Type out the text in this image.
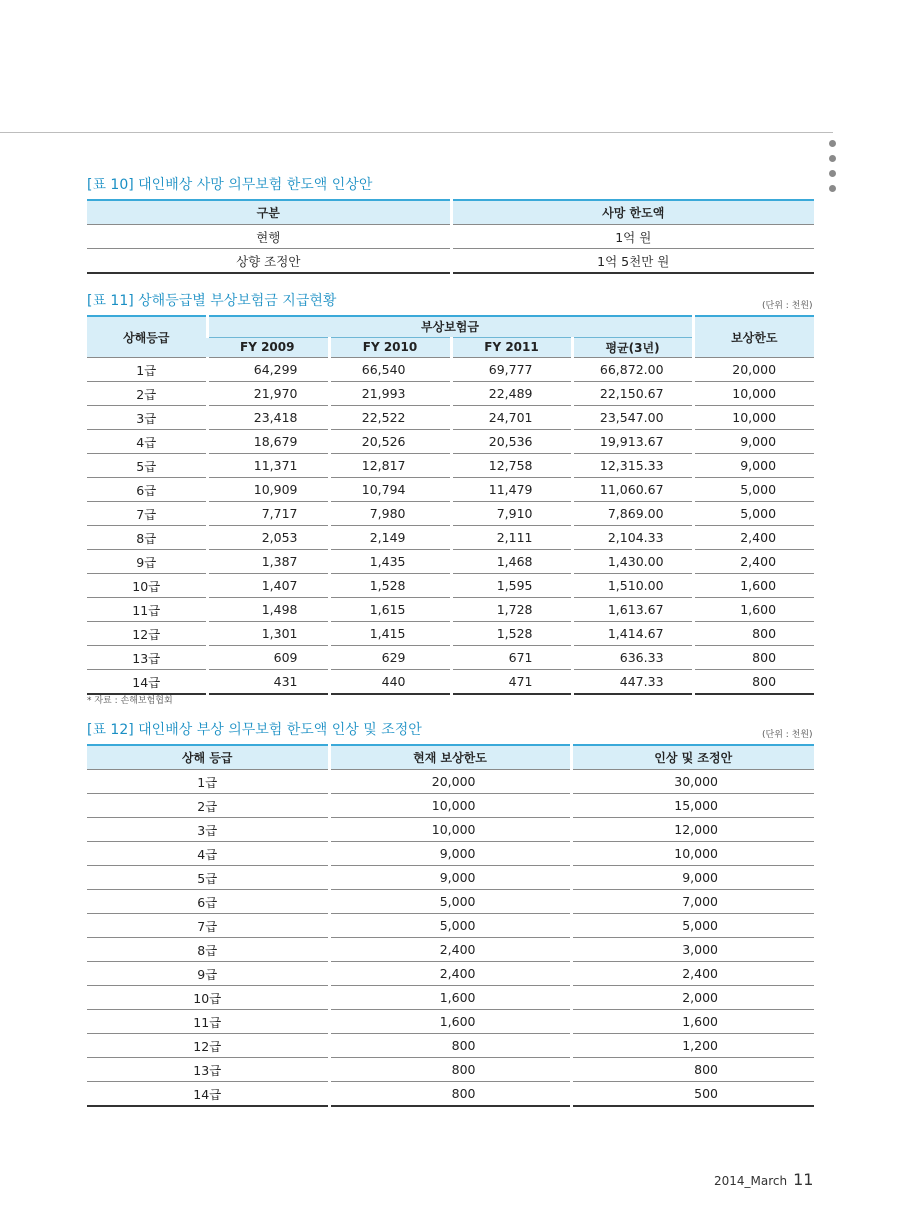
[표 10] 대인배상 사망 의무보험 한도액 인상안
구분	사망 한도액
현행	1억 원
상향 조정안	1억 5천만 원
[표 11] 상해등급별 부상보험금 지급현황	(단위 : 천원)
상해등급	부상보험금				보상한도
	FY 2009	FY 2010	FY 2011	평균(3년)	
1급	64,299	66,540	69,777	66,872.00	20,000
2급	21,970	21,993	22,489	22,150.67	10,000
3급	23,418	22,522	24,701	23,547.00	10,000
4급	18,679	20,526	20,536	19,913.67	9,000
5급	11,371	12,817	12,758	12,315.33	9,000
6급	10,909	10,794	11,479	11,060.67	5,000
7급	7,717	7,980	7,910	7,869.00	5,000
8급	2,053	2,149	2,111	2,104.33	2,400
9급	1,387	1,435	1,468	1,430.00	2,400
10급	1,407	1,528	1,595	1,510.00	1,600
11급	1,498	1,615	1,728	1,613.67	1,600
12급	1,301	1,415	1,528	1,414.67	800
13급	609	629	671	636.33	800
14급	431	440	471	447.33	800
* 자료 : 손해보험협회
[표 12] 대인배상 부상 의무보험 한도액 인상 및 조정안	(단위 : 천원)
상해 등급	현재 보상한도	인상 및 조정안
1급	20,000	30,000
2급	10,000	15,000
3급	10,000	12,000
4급	9,000	10,000
5급	9,000	9,000
6급	5,000	7,000
7급	5,000	5,000
8급	2,400	3,000
9급	2,400	2,400
10급	1,600	2,000
11급	1,600	1,600
12급	800	1,200
13급	800	800
14급	800	500
2014_March 11
